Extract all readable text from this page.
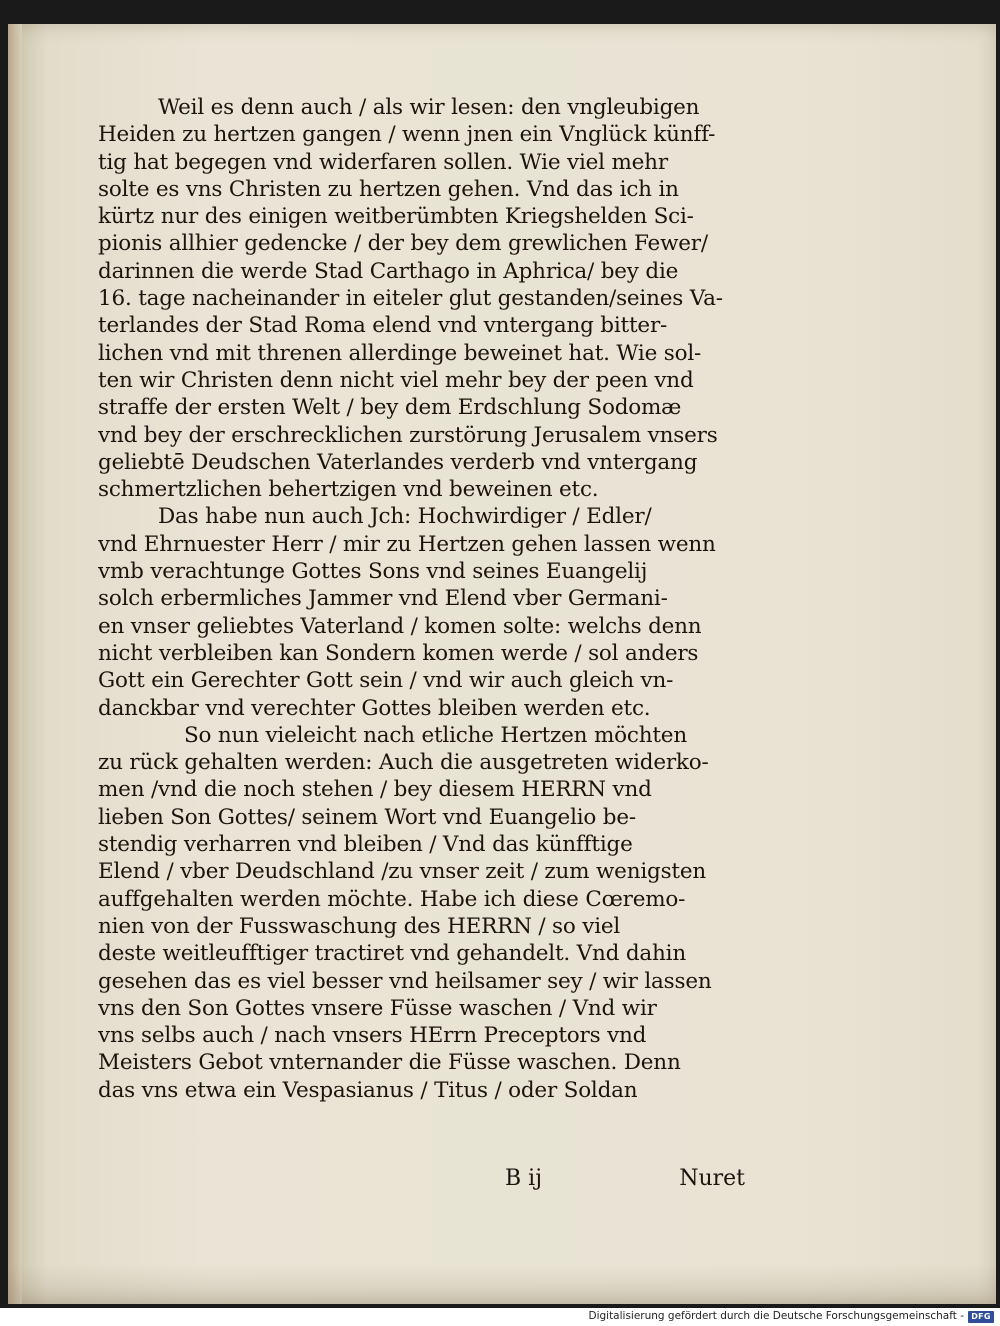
Weil es denn auch / als wir lesen: den vngleubigen
Heiden zu hertzen gangen / wenn jnen ein Vnglück künff-
tig hat begegen vnd widerfaren sollen. Wie viel mehr
solte es vns Christen zu hertzen gehen. Vnd das ich in
kürtz nur des einigen weitberümbten Kriegshelden Sci-
pionis allhier gedencke / der bey dem grewlichen Fewer/
darinnen die werde Stad Carthago in Aphrica/ bey die
16. tage nacheinander in eiteler glut gestanden/seines Va-
terlandes der Stad Roma elend vnd vntergang bitter-
lichen vnd mit threnen allerdinge beweinet hat. Wie sol-
ten wir Christen denn nicht viel mehr bey der peen vnd
straffe der ersten Welt / bey dem Erdschlung Sodomæ
vnd bey der erschrecklichen zurstörung Jerusalem vnsers
geliebtē Deudschen Vaterlandes verderb vnd vntergang
schmertzlichen behertzigen vnd beweinen etc.
Das habe nun auch Jch: Hochwirdiger / Edler/
vnd Ehrnuester Herr / mir zu Hertzen gehen lassen wenn
vmb verachtunge Gottes Sons vnd seines Euangelij
solch erbermliches Jammer vnd Elend vber Germani-
en vnser geliebtes Vaterland / komen solte: welchs denn
nicht verbleiben kan Sondern komen werde / sol anders
Gott ein Gerechter Gott sein / vnd wir auch gleich vn-
danckbar vnd verechter Gottes bleiben werden etc.
So nun vieleicht nach etliche Hertzen möchten
zu rück gehalten werden: Auch die ausgetreten widerko-
men /vnd die noch stehen / bey diesem HERRN vnd
lieben Son Gottes/ seinem Wort vnd Euangelio be-
stendig verharren vnd bleiben / Vnd das künfftige
Elend / vber Deudschland /zu vnser zeit / zum wenigsten
auffgehalten werden möchte. Habe ich diese Cœremo-
nien von der Fusswaschung des HERRN / so viel
deste weitleufftiger tractiret vnd gehandelt. Vnd dahin
gesehen das es viel besser vnd heilsamer sey / wir lassen
vns den Son Gottes vnsere Füsse waschen / Vnd wir
vns selbs auch / nach vnsers HErrn Preceptors vnd
Meisters Gebot vnternander die Füsse waschen. Denn
das vns etwa ein Vespasianus / Titus / oder Soldan
B ij	Nuret
Digitalisierung gefördert durch die Deutsche Forschungsgemeinschaft - DFG
